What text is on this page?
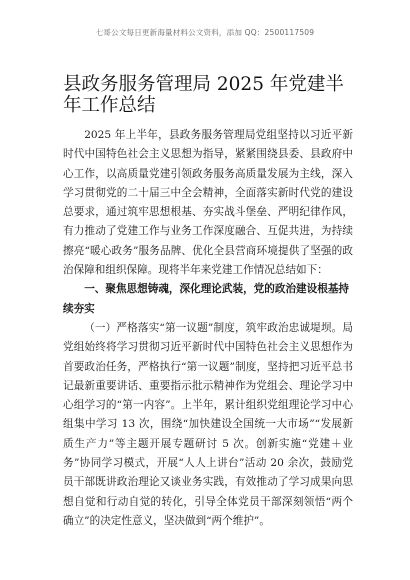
七哥公文每日更新海量材料公文资料，添加 QQ：2500117509
县政务服务管理局 2025 年党建半年工作总结

2025 年上半年，县政务服务管理局党组坚持以习近平新时代中国特色社会主义思想为指导，紧紧围绕县委、县政府中心工作，以高质量党建引领政务服务高质量发展为主线，深入学习贯彻党的二十届三中全会精神，全面落实新时代党的建设总要求，通过筑牢思想根基、夯实战斗堡垒、严明纪律作风，有力推动了党建工作与业务工作深度融合、互促共进，为持续擦亮“暖心政务”服务品牌、优化全县营商环境提供了坚强的政治保障和组织保障。现将半年来党建工作情况总结如下：

一、聚焦思想铸魂，深化理论武装，党的政治建设根基持续夯实

（一）严格落实“第一议题”制度，筑牢政治忠诚堤坝。局党组始终将学习贯彻习近平新时代中国特色社会主义思想作为首要政治任务，严格执行“第一议题”制度，坚持把习近平总书记最新重要讲话、重要指示批示精神作为党组会、理论学习中心组学习的“第一内容”。上半年，累计组织党组理论学习中心组集中学习 13 次，围绕“加快建设全国统一大市场”“发展新质生产力”等主题开展专题研讨 5 次。创新实施“党建＋业务”协同学习模式，开展“人人上讲台”活动 20 余次，鼓励党员干部既讲政治理论又谈业务实践，有效推动了学习成果向思想自觉和行动自觉的转化，引导全体党员干部深刻领悟“两个确立”的决定性意义，坚决做到“两个维护”。
